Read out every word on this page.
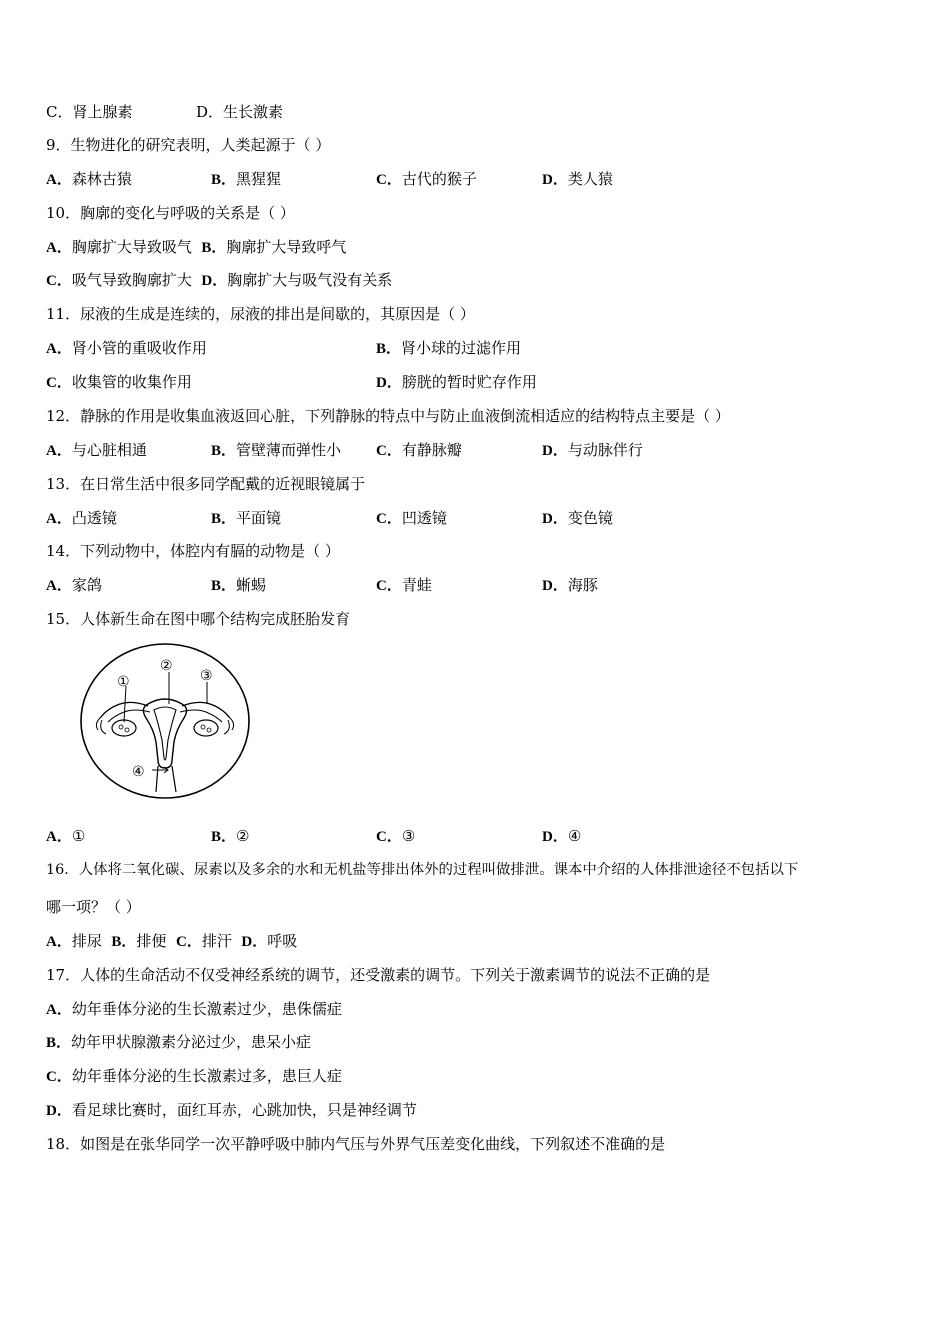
C．肾上腺素	D．生长激素
9．生物进化的研究表明，人类起源于（ ）
A．森林古猿	B．黑猩猩	C．古代的猴子	D．类人猿
10．胸廓的变化与呼吸的关系是（ ）
A．胸廓扩大导致吸气 B．胸廓扩大导致呼气
C．吸气导致胸廓扩大 D．胸廓扩大与吸气没有关系
11．尿液的生成是连续的，尿液的排出是间歇的，其原因是（ ）
A．肾小管的重吸收作用	B．肾小球的过滤作用
C．收集管的收集作用	D．膀胱的暂时贮存作用
12．静脉的作用是收集血液返回心脏，下列静脉的特点中与防止血液倒流相适应的结构特点主要是（ ）
A．与心脏相通	B．管壁薄而弹性小 C．有静脉瓣	D．与动脉伴行
13．在日常生活中很多同学配戴的近视眼镜属于
A．凸透镜	B．平面镜	C．凹透镜	D．变色镜
14．下列动物中，体腔内有膈的动物是（ ）
A．家鸽	B．蜥蜴	C．青蛙	D．海豚
15．人体新生命在图中哪个结构完成胚胎发育
①
②
③
④
A．①	B．②	C．③	D．④
16．人体将二氧化碳、尿素以及多余的水和无机盐等排出体外的过程叫做排泄。课本中介绍的人体排泄途径不包括以下
哪一项？（ ）
A．排尿 B．排便 C．排汗 D．呼吸
17．人体的生命活动不仅受神经系统的调节，还受激素的调节。下列关于激素调节的说法不正确的是
A．幼年垂体分泌的生长激素过少，患侏儒症
B．幼年甲状腺激素分泌过少，患呆小症
C．幼年垂体分泌的生长激素过多，患巨人症
D．看足球比赛时，面红耳赤，心跳加快，只是神经调节
18．如图是在张华同学一次平静呼吸中肺内气压与外界气压差变化曲线，下列叙述不准确的是
